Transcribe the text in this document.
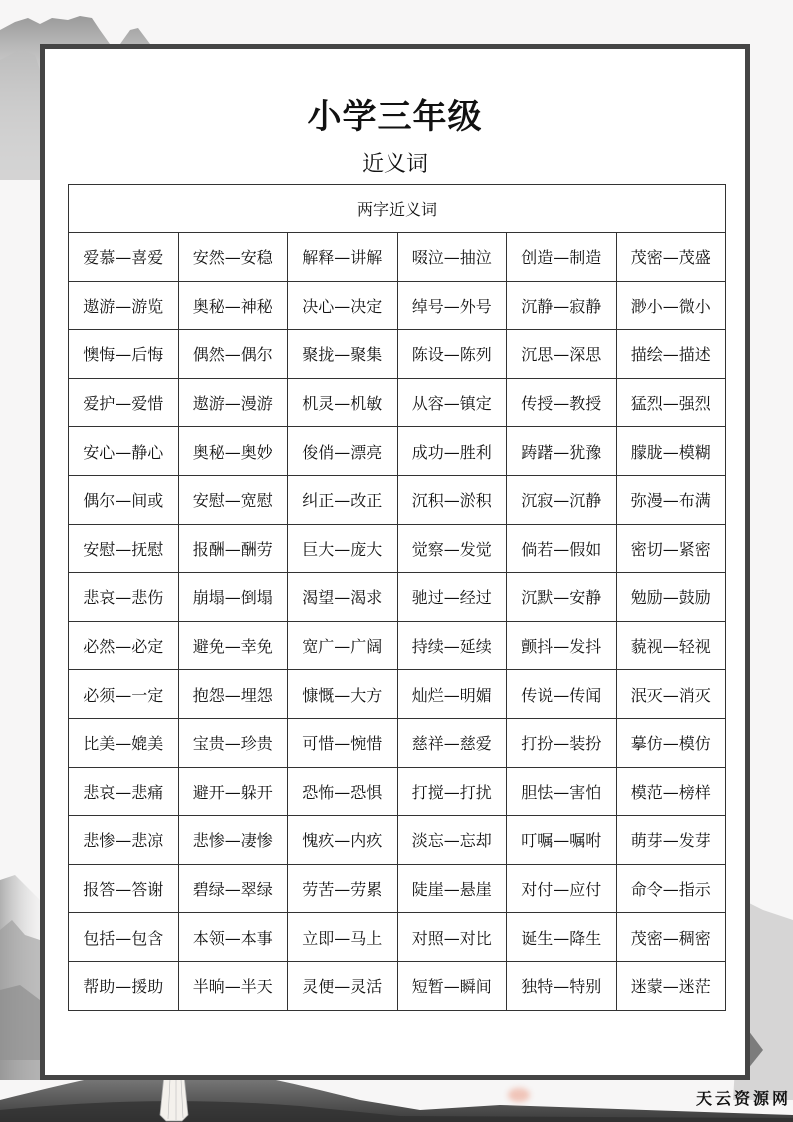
小学三年级
近义词
两字近义词					
爱慕—喜爱	安然—安稳	解释—讲解	啜泣—抽泣	创造—制造	茂密—茂盛
遨游—游览	奥秘—神秘	决心—决定	绰号—外号	沉静—寂静	渺小—微小
懊悔—后悔	偶然—偶尔	聚拢—聚集	陈设—陈列	沉思—深思	描绘—描述
爱护—爱惜	遨游—漫游	机灵—机敏	从容—镇定	传授—教授	猛烈—强烈
安心—静心	奥秘—奥妙	俊俏—漂亮	成功—胜利	踌躇—犹豫	朦胧—模糊
偶尔—间或	安慰—宽慰	纠正—改正	沉积—淤积	沉寂—沉静	弥漫—布满
安慰—抚慰	报酬—酬劳	巨大—庞大	觉察—发觉	倘若—假如	密切—紧密
悲哀—悲伤	崩塌—倒塌	渴望—渴求	驰过—经过	沉默—安静	勉励—鼓励
必然—必定	避免—幸免	宽广—广阔	持续—延续	颤抖—发抖	藐视—轻视
必须—一定	抱怨—埋怨	慷慨—大方	灿烂—明媚	传说—传闻	泯灭—消灭
比美—媲美	宝贵—珍贵	可惜—惋惜	慈祥—慈爱	打扮—装扮	摹仿—模仿
悲哀—悲痛	避开—躲开	恐怖—恐惧	打搅—打扰	胆怯—害怕	模范—榜样
悲惨—悲凉	悲惨—凄惨	愧疚—内疚	淡忘—忘却	叮嘱—嘱咐	萌芽—发芽
报答—答谢	碧绿—翠绿	劳苦—劳累	陡崖—悬崖	对付—应付	命令—指示
包括—包含	本领—本事	立即—马上	对照—对比	诞生—降生	茂密—稠密
帮助—援助	半晌—半天	灵便—灵活	短暂—瞬间	独特—特别	迷蒙—迷茫
天云资源网
